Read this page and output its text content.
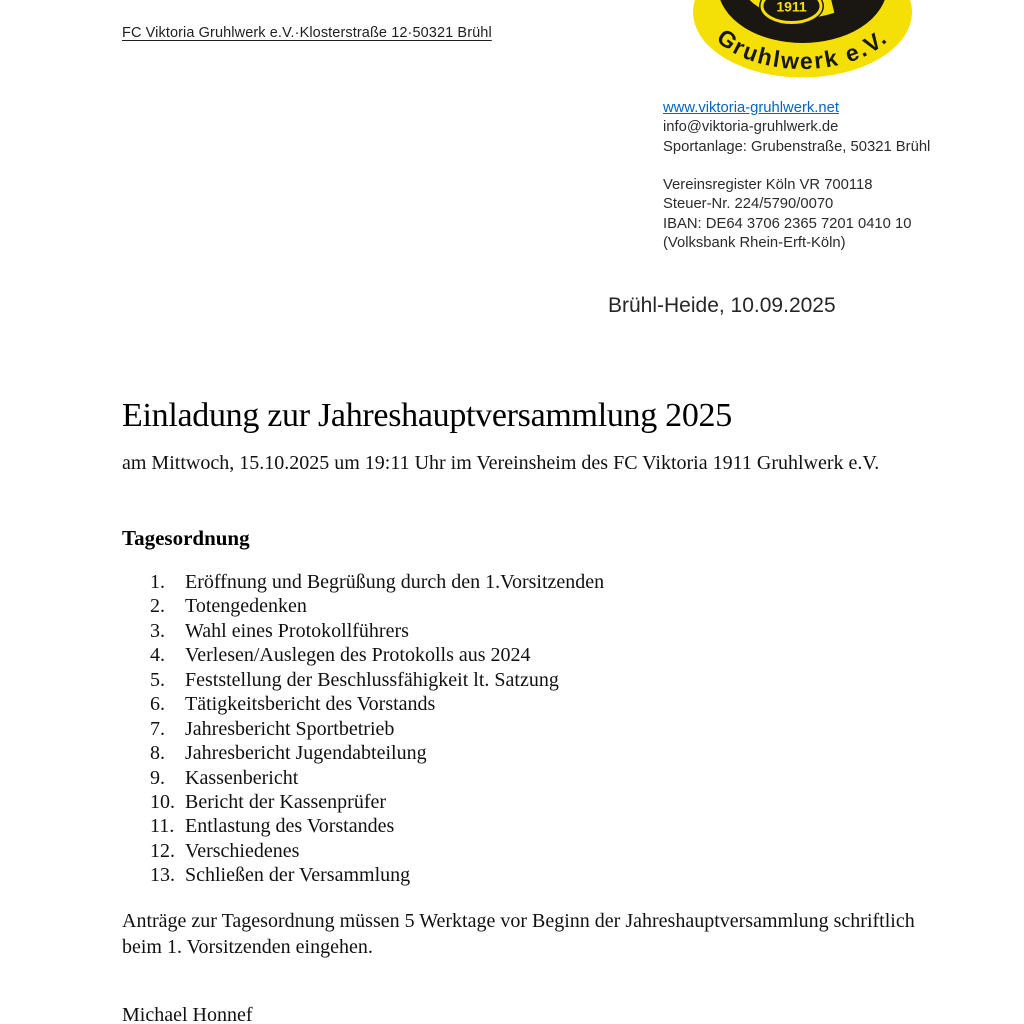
FC Viktoria Gruhlwerk e.V.·Klosterstraße 12·50321 Brühl
1911
Gruhlwerk e.V.
www.viktoria-gruhlwerk.net
info@viktoria-gruhlwerk.de
Sportanlage: Grubenstraße, 50321 Brühl
Vereinsregister Köln VR 700118
Steuer-Nr. 224/5790/0070
IBAN: DE64 3706 2365 7201 0410 10
(Volksbank Rhein-Erft-Köln)
Brühl-Heide, 10.09.2025
Einladung zur Jahreshauptversammlung 2025
am Mittwoch, 15.10.2025 um 19:11 Uhr im Vereinsheim des FC Viktoria 1911 Gruhlwerk e.V.
Tagesordnung
1.	Eröffnung und Begrüßung durch den 1.Vorsitzenden
2.	Totengedenken
3.	Wahl eines Protokollführers
4.	Verlesen/Auslegen des Protokolls aus 2024
5.	Feststellung der Beschlussfähigkeit lt. Satzung
6.	Tätigkeitsbericht des Vorstands
7.	Jahresbericht Sportbetrieb
8.	Jahresbericht Jugendabteilung
9.	Kassenbericht
10. Bericht der Kassenprüfer
11. Entlastung des Vorstandes
12. Verschiedenes
13. Schließen der Versammlung
Anträge zur Tagesordnung müssen 5 Werktage vor Beginn der Jahreshauptversammlung schriftlich beim 1. Vorsitzenden eingehen.
Michael Honnef
